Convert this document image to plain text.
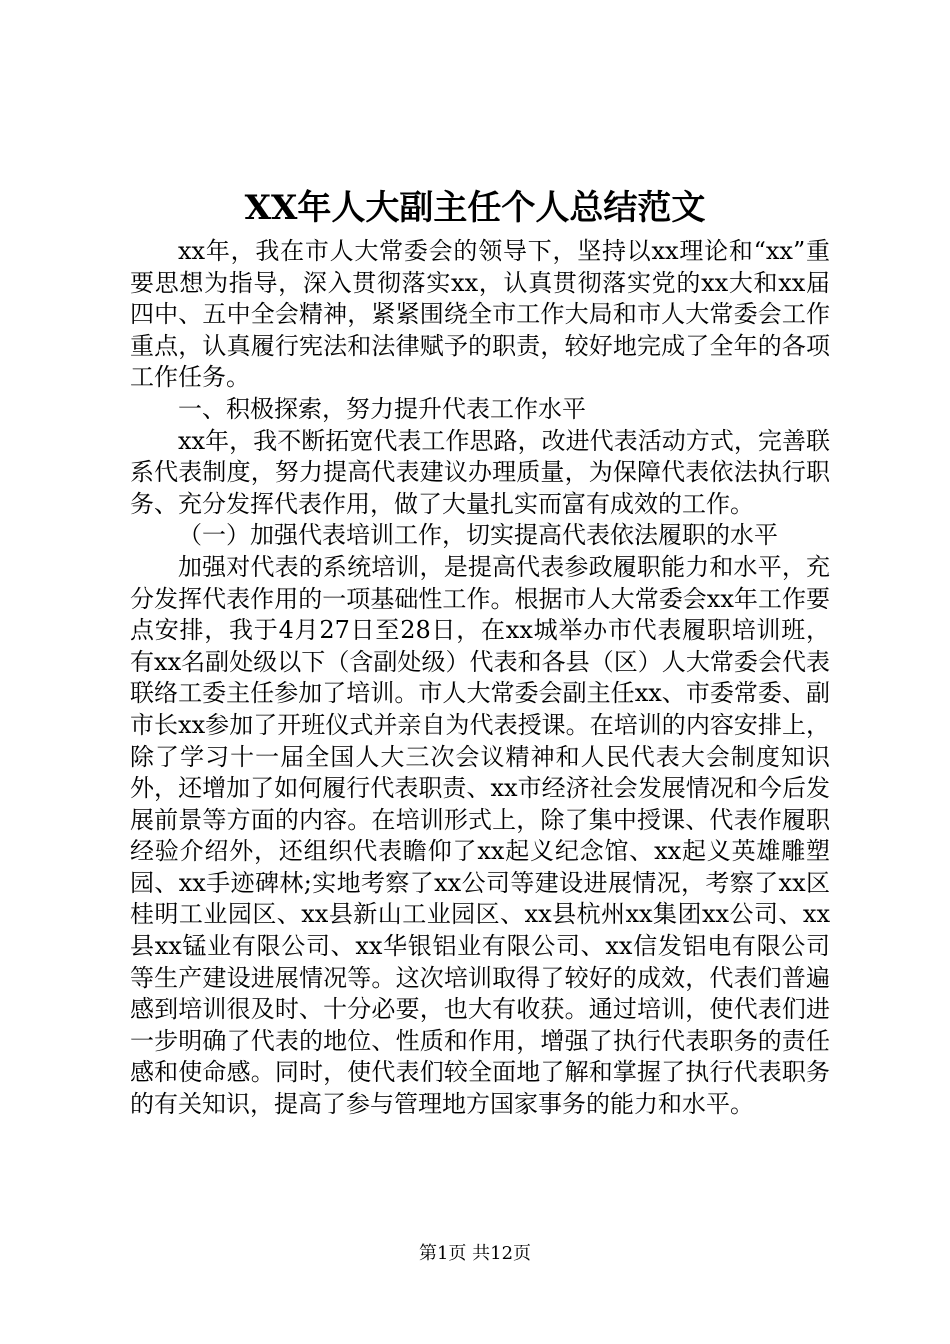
XX年人大副主任个人总结范文

xx年，我在市人大常委会的领导下，坚持以xx理论和“xx”重要思想为指导，深入贯彻落实xx，认真贯彻落实党的xx大和xx届四中、五中全会精神，紧紧围绕全市工作大局和市人大常委会工作重点，认真履行宪法和法律赋予的职责，较好地完成了全年的各项工作任务。

一、积极探索，努力提升代表工作水平

xx年，我不断拓宽代表工作思路，改进代表活动方式，完善联系代表制度，努力提高代表建议办理质量，为保障代表依法执行职务、充分发挥代表作用，做了大量扎实而富有成效的工作。

（一）加强代表培训工作，切实提高代表依法履职的水平

加强对代表的系统培训，是提高代表参政履职能力和水平，充分发挥代表作用的一项基础性工作。根据市人大常委会xx年工作要点安排，我于4月27日至28日，在xx城举办市代表履职培训班，有xx名副处级以下（含副处级）代表和各县（区）人大常委会代表联络工委主任参加了培训。市人大常委会副主任xx、市委常委、副市长xx参加了开班仪式并亲自为代表授课。在培训的内容安排上，除了学习十一届全国人大三次会议精神和人民代表大会制度知识外，还增加了如何履行代表职责、xx市经济社会发展情况和今后发展前景等方面的内容。在培训形式上，除了集中授课、代表作履职经验介绍外，还组织代表瞻仰了xx起义纪念馆、xx起义英雄雕塑园、xx手迹碑林;实地考察了xx公司等建设进展情况，考察了xx区桂明工业园区、xx县新山工业园区、xx县杭州xx集团xx公司、xx县xx锰业有限公司、xx华银铝业有限公司、xx信发铝电有限公司等生产建设进展情况等。这次培训取得了较好的成效，代表们普遍感到培训很及时、十分必要，也大有收获。通过培训，使代表们进一步明确了代表的地位、性质和作用，增强了执行代表职务的责任感和使命感。同时，使代表们较全面地了解和掌握了执行代表职务的有关知识，提高了参与管理地方国家事务的能力和水平。

第1页 共12页
